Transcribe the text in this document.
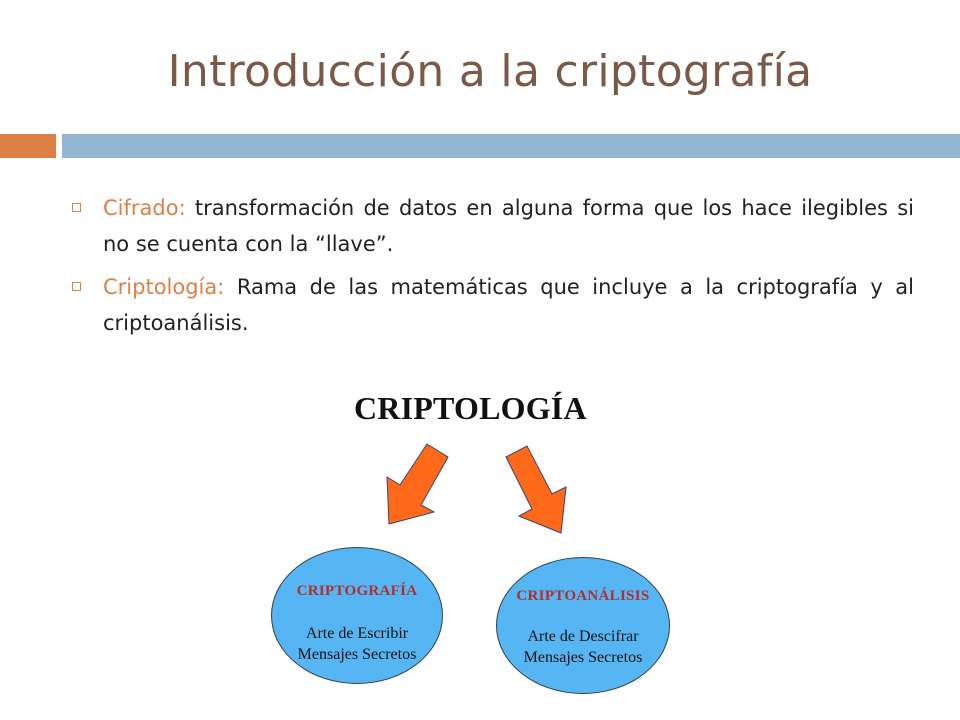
Introducción a la criptografía
Cifrado: transformación de datos en alguna forma que los hace ilegibles si no se cuenta con la “llave”.
Criptología: Rama de las matemáticas que incluye a la criptografía y al criptoanálisis.
CRIPTOLOGÍA
CRIPTOGRAFÍA
Arte de Escribir
Mensajes Secretos
CRIPTOANÁLISIS
Arte de Descifrar
Mensajes Secretos
